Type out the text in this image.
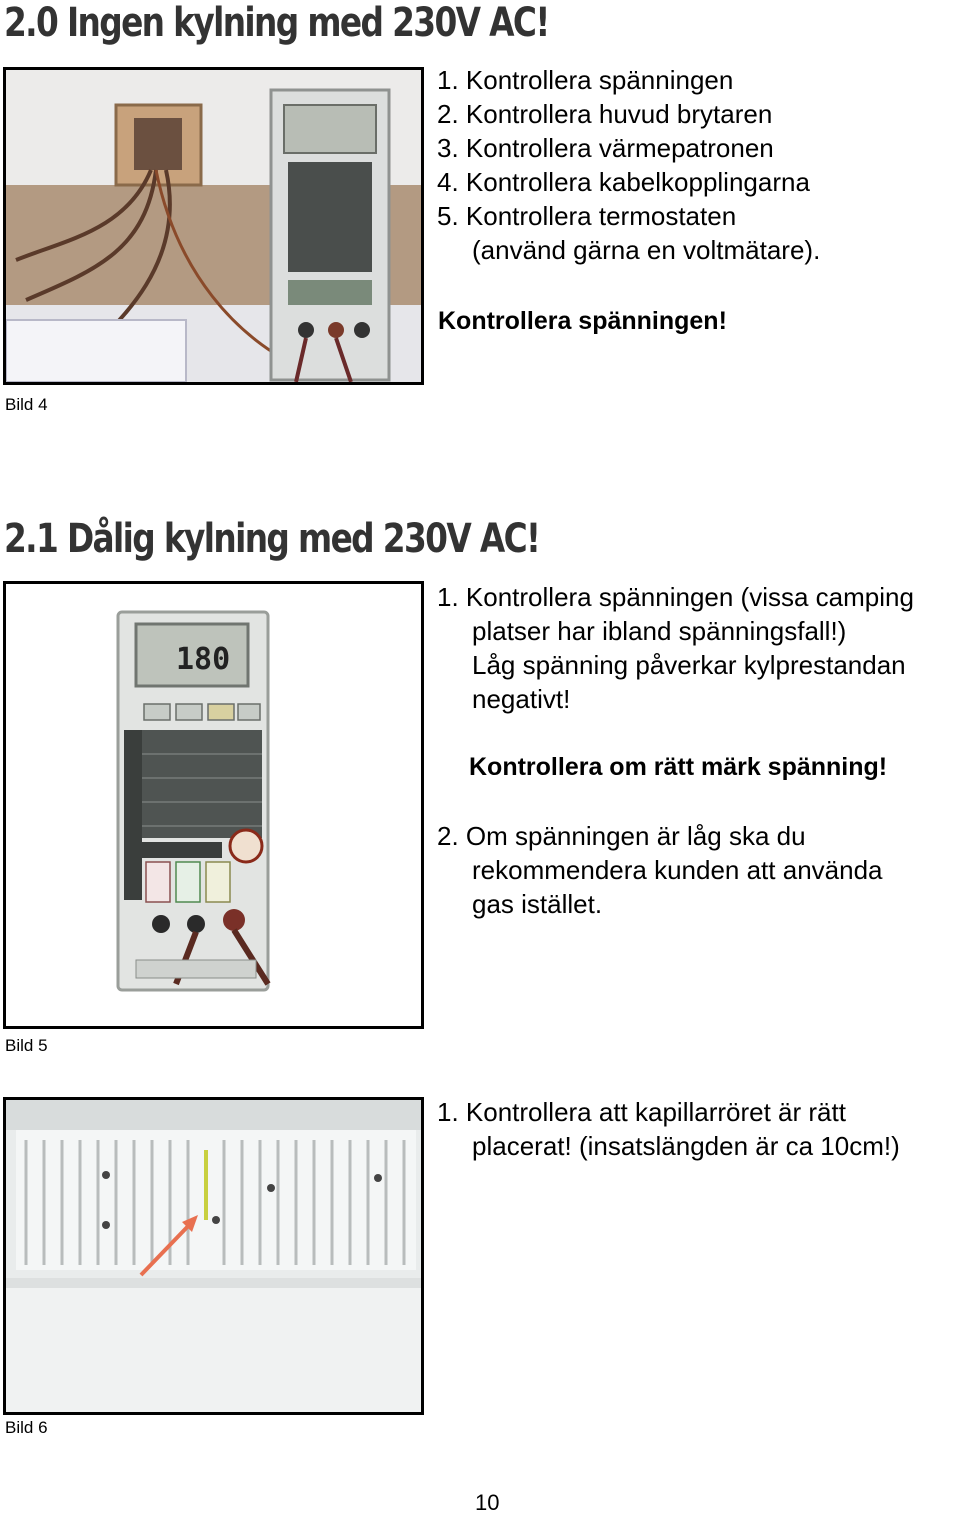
2.0 Ingen kylning med 230V AC!
1. Kontrollera spänningen
2. Kontrollera huvud brytaren
3. Kontrollera värmepatronen
4. Kontrollera kabelkopplingarna
5. Kontrollera termostaten
(använd gärna en voltmätare).
Kontrollera spänningen!
Bild 4
2.1 Dålig kylning med 230V AC!
180
1. Kontrollera spänningen (vissa camping
platser har ibland spänningsfall!)
Låg spänning påverkar kylprestandan
negativt!
Kontrollera om rätt märk spänning!
2. Om spänningen är låg ska du
rekommendera kunden att använda
gas istället.
Bild 5
1. Kontrollera att kapillarröret är rätt
placerat! (insatslängden är ca 10cm!)
Bild 6
10
